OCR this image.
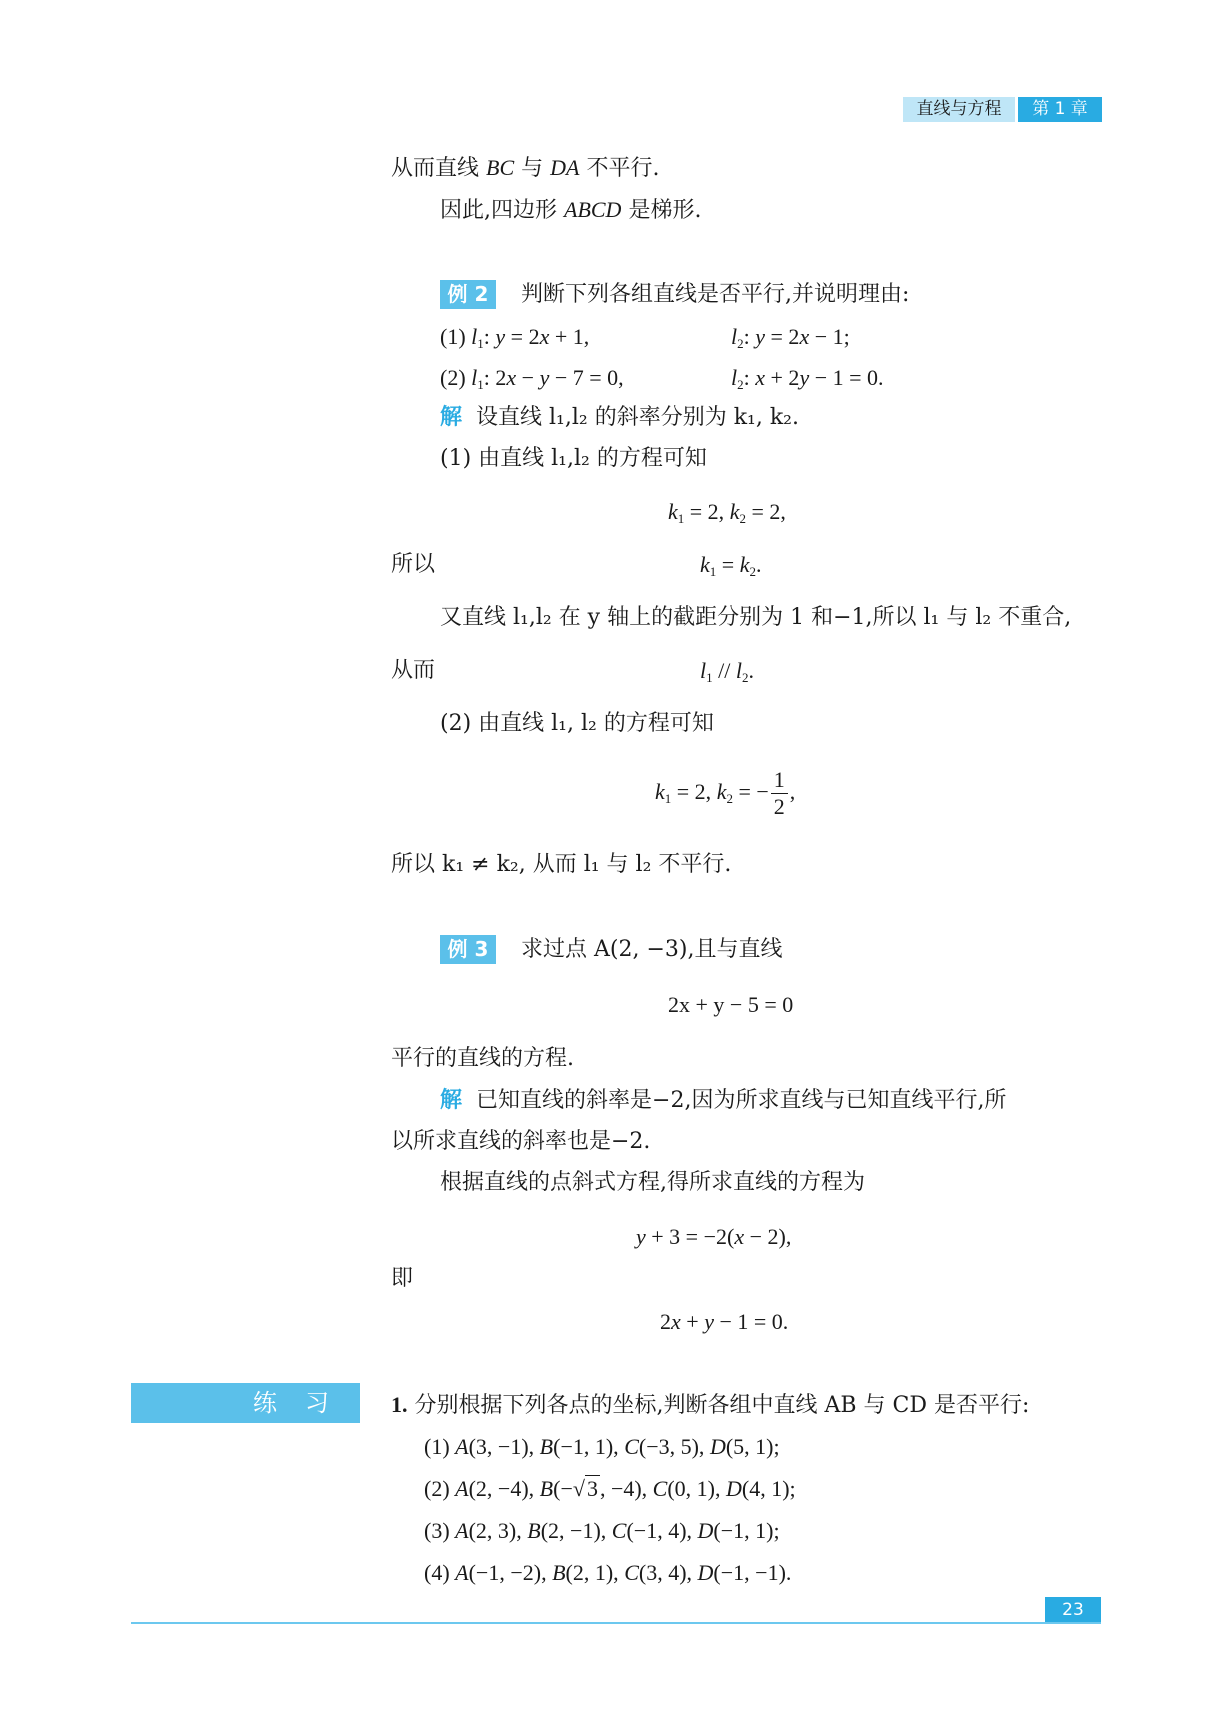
直线与方程	第 1 章
从而直线 BC 与 DA 不平行.
因此,四边形 ABCD 是梯形.
例 2	判断下列各组直线是否平行,并说明理由:
(1) $l_1$: y = 2x + 1,	$l_2$: y = 2x − 1;
(2) $l_1$: 2x − y − 7 = 0,	$l_2$: x + 2y − 1 = 0.
解 设直线 l₁,l₂ 的斜率分别为 k₁, k₂.
(1) 由直线 l₁,l₂ 的方程可知
$k_1 = 2$, $k_2 = 2$,
所以	$k_1 = k_2$.
又直线 l₁,l₂ 在 y 轴上的截距分别为 1 和−1,所以 l₁ 与 l₂ 不重合,
从而	$l_1 // l_2$.
(2) 由直线 l₁, l₂ 的方程可知
$k_1 = 2$, $k_2$ = − $\frac{1}{2}$ ,
所以 k₁ ≠ k₂, 从而 l₁ 与 l₂ 不平行.
例 3	求过点 A(2, −3),且与直线
2x + y − 5 = 0
平行的直线的方程.
解 已知直线的斜率是−2,因为所求直线与已知直线平行,所
以所求直线的斜率也是−2.
根据直线的点斜式方程,得所求直线的方程为
y + 3 = −2(x − 2),
即
2x + y − 1 = 0.
练习 1. 分别根据下列各点的坐标,判断各组中直线 AB 与 CD 是否平行:
(1) A(3, −1), B(−1, 1), C(−3, 5), D(5, 1);
(2) A(2, −4), B(−√3, −4), C(0, 1), D(4, 1);
(3) A(2, 3), B(2, −1), C(−1, 4), D(−1, 1);
(4) A(−1, −2), B(2, 1), C(3, 4), D(−1, −1).
23
